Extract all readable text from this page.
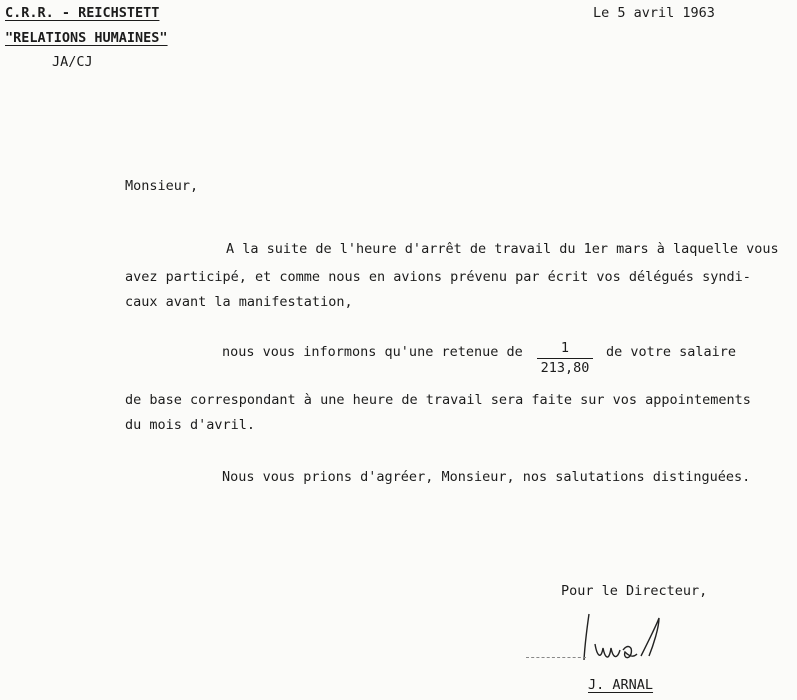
C.R.R. - REICHSTETT
"RELATIONS HUMAINES"
JA/CJ
Le 5 avril 1963
Monsieur,
A la suite de l'heure d'arrêt de travail du 1er mars à laquelle vous
avez participé, et comme nous en avions prévenu par écrit vos délégués syndi-
caux avant la manifestation,
nous vous informons qu'une retenue de $\frac{1}{213,80}$ de votre salaire
de base correspondant à une heure de travail sera faite sur vos appointements
du mois d'avril.
Nous vous prions d'agréer, Monsieur, nos salutations distinguées.
Pour le Directeur,
J. ARNAL
